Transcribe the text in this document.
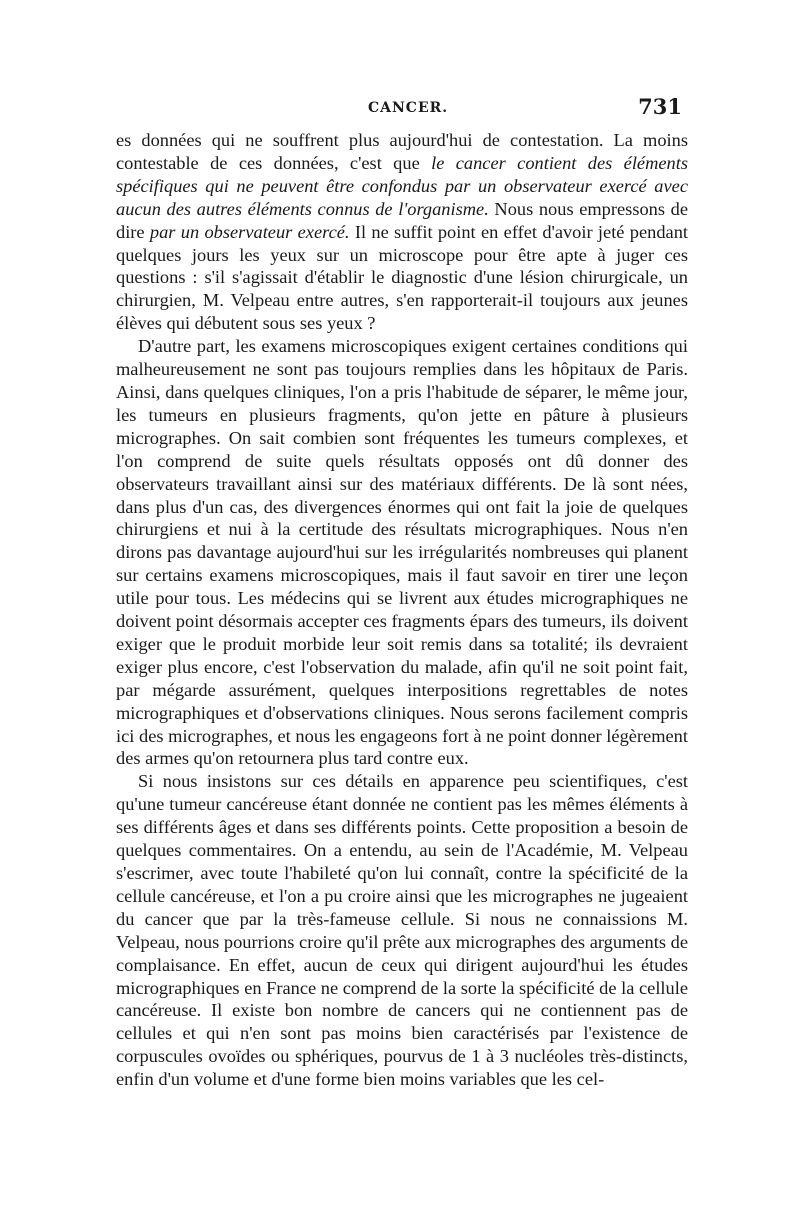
CANCER.	731

es données qui ne souffrent plus aujourd'hui de contestation. La moins contestable de ces données, c'est que le cancer contient des éléments spécifiques qui ne peuvent être confondus par un observateur exercé avec aucun des autres éléments connus de l'organisme. Nous nous empressons de dire par un observateur exercé. Il ne suffit point en effet d'avoir jeté pendant quelques jours les yeux sur un microscope pour être apte à juger ces questions : s'il s'agissait d'établir le diagnostic d'une lésion chirurgicale, un chirurgien, M. Velpeau entre autres, s'en rapporterait-il toujours aux jeunes élèves qui débutent sous ses yeux ?

D'autre part, les examens microscopiques exigent certaines conditions qui malheureusement ne sont pas toujours remplies dans les hôpitaux de Paris. Ainsi, dans quelques cliniques, l'on a pris l'habitude de séparer, le même jour, les tumeurs en plusieurs fragments, qu'on jette en pâture à plusieurs micrographes. On sait combien sont fréquentes les tumeurs complexes, et l'on comprend de suite quels résultats opposés ont dû donner des observateurs travaillant ainsi sur des matériaux différents. De là sont nées, dans plus d'un cas, des divergences énormes qui ont fait la joie de quelques chirurgiens et nui à la certitude des résultats micrographiques. Nous n'en dirons pas davantage aujourd'hui sur les irrégularités nombreuses qui planent sur certains examens microscopiques, mais il faut savoir en tirer une leçon utile pour tous. Les médecins qui se livrent aux études micrographiques ne doivent point désormais accepter ces fragments épars des tumeurs, ils doivent exiger que le produit morbide leur soit remis dans sa totalité; ils devraient exiger plus encore, c'est l'observation du malade, afin qu'il ne soit point fait, par mégarde assurément, quelques interpositions regrettables de notes micrographiques et d'observations cliniques. Nous serons facilement compris ici des micrographes, et nous les engageons fort à ne point donner légèrement des armes qu'on retournera plus tard contre eux.

Si nous insistons sur ces détails en apparence peu scientifiques, c'est qu'une tumeur cancéreuse étant donnée ne contient pas les mêmes éléments à ses différents âges et dans ses différents points. Cette proposition a besoin de quelques commentaires. On a entendu, au sein de l'Académie, M. Velpeau s'escrimer, avec toute l'habileté qu'on lui connaît, contre la spécificité de la cellule cancéreuse, et l'on a pu croire ainsi que les micrographes ne jugeaient du cancer que par la très-fameuse cellule. Si nous ne connaissions M. Velpeau, nous pourrions croire qu'il prête aux micrographes des arguments de complaisance. En effet, aucun de ceux qui dirigent aujourd'hui les études micrographiques en France ne comprend de la sorte la spécificité de la cellule cancéreuse. Il existe bon nombre de cancers qui ne contiennent pas de cellules et qui n'en sont pas moins bien caractérisés par l'existence de corpuscules ovoïdes ou sphériques, pourvus de 1 à 3 nucléoles très-distincts, enfin d'un volume et d'une forme bien moins variables que les cel-
